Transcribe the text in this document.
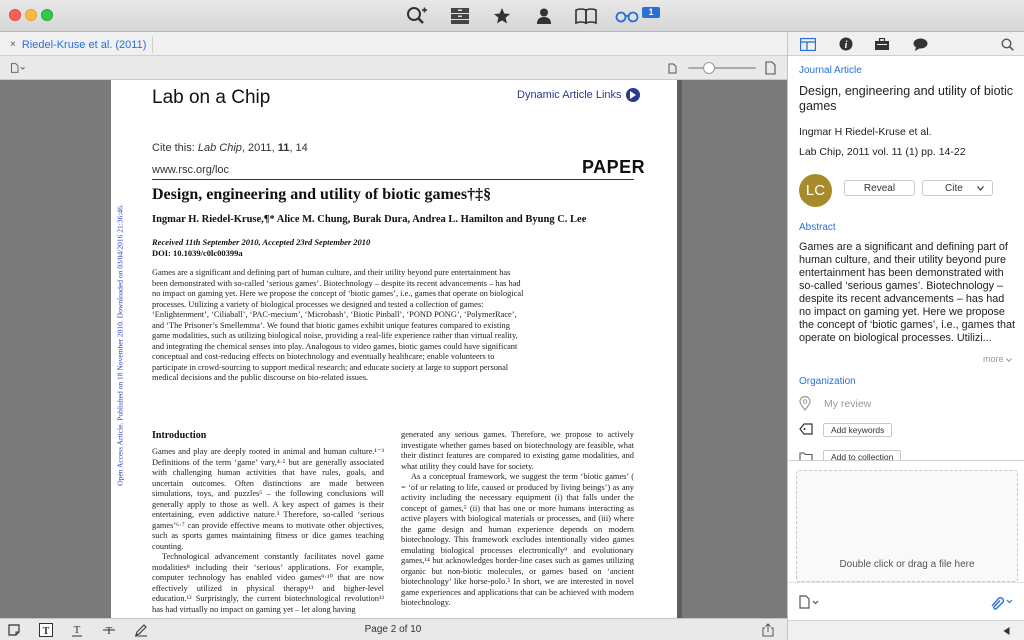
1
× Riedel-Kruse et al. (2011)
Open Access Article. Published on 18 November 2010. Downloaded on 03/04/2016 21:36:46.
Lab on a Chip	Dynamic Article Links
Cite this: Lab Chip, 2011, 11, 14
www.rsc.org/loc	PAPER
Design, engineering and utility of biotic games†‡§
Ingmar H. Riedel-Kruse,¶* Alice M. Chung, Burak Dura, Andrea L. Hamilton and Byung C. Lee
Received 11th September 2010, Accepted 23rd September 2010
DOI: 10.1039/c0lc00399a
Games are a significant and defining part of human culture, and their utility beyond pure entertainment has been demonstrated with so-called ‘serious games’. Biotechnology – despite its recent advancements – has had no impact on gaming yet. Here we propose the concept of ‘biotic games’, i.e., games that operate on biological processes. Utilizing a variety of biological processes we designed and tested a collection of games: ‘Enlightenment’, ‘Ciliaball’, ‘PAC-mecium’, ‘Microbash’, ‘Biotic Pinball’, ‘POND PONG’, ‘PolymerRace’, and ‘The Prisoner’s Smellemma’. We found that biotic games exhibit unique features compared to existing game modalities, such as utilizing biological noise, providing a real-life experience rather than virtual reality, and integrating the chemical senses into play. Analogous to video games, biotic games could have significant conceptual and cost-reducing effects on biotechnology and eventually healthcare; enable volunteers to participate in crowd-sourcing to support medical research; and educate society at large to support personal medical decisions and the public discourse on bio-related issues.
Introduction

Games and play are deeply rooted in animal and human culture.¹⁻³ Definitions of the term ‘game’ vary,⁴·⁵ but are generally associated with challenging human activities that have rules, goals, and uncertain outcomes. Often distinctions are made between simulations, toys, and puzzles⁵ – the following conclusions will generally apply to those as well. A key aspect of games is their entertaining, even addictive nature.³ Therefore, so-called ‘serious games’⁶·⁷ can provide effective means to motivate other objectives, such as sports games maintaining fitness or dice games teaching counting.

Technological advancement constantly facilitates novel game modalities⁸ including their ‘serious’ applications. For example, computer technology has enabled video games⁹·¹⁰ that are now effectively utilized in physical therapy¹¹ and higher-level education.¹² Surprisingly, the current biotechnological revolution¹³ has had virtually no impact on gaming yet – let along having

generated any serious games. Therefore, we propose to actively investigate whether games based on biotechnology are feasible, what their distinct features are compared to existing game modalities, and what utility they could have for society.

As a conceptual framework, we suggest the term ‘biotic games’ ( = ‘of or relating to life, caused or produced by living beings’) as any activity including the necessary equipment (i) that falls under the concept of games,⁵ (ii) that has one or more humans interacting as active players with biological materials or processes, and (iii) where the game design and human experience depends on modern biotechnology. This framework excludes intentionally video games emulating biological processes electronically⁹ and evolutionary games,¹⁴ but acknowledges border-line cases such as games utilizing organic but non-biotic molecules, or games based on ‘ancient biotechnology’ like horse-polo.⁵ In short, we are interested in novel game experiences and applications that can be achieved with modern biotechnology.

T T T	Page 2 of 10
i
Journal Article
Design, engineering and utility of biotic games
Ingmar H Riedel-Kruse et al.
Lab Chip, 2011 vol. 11 (1) pp. 14-22
LC	Reveal	Cite
Abstract
Games are a significant and defining part of human culture, and their utility beyond pure entertainment has been demonstrated with so-called ‘serious games’. Biotechnology – despite its recent advancements – has had no impact on gaming yet. Here we propose the concept of ‘biotic games’, i.e., games that operate on biological processes. Utilizi...
more
Organization
My review
Add keywords
Add to collection
Double click or drag a file here
